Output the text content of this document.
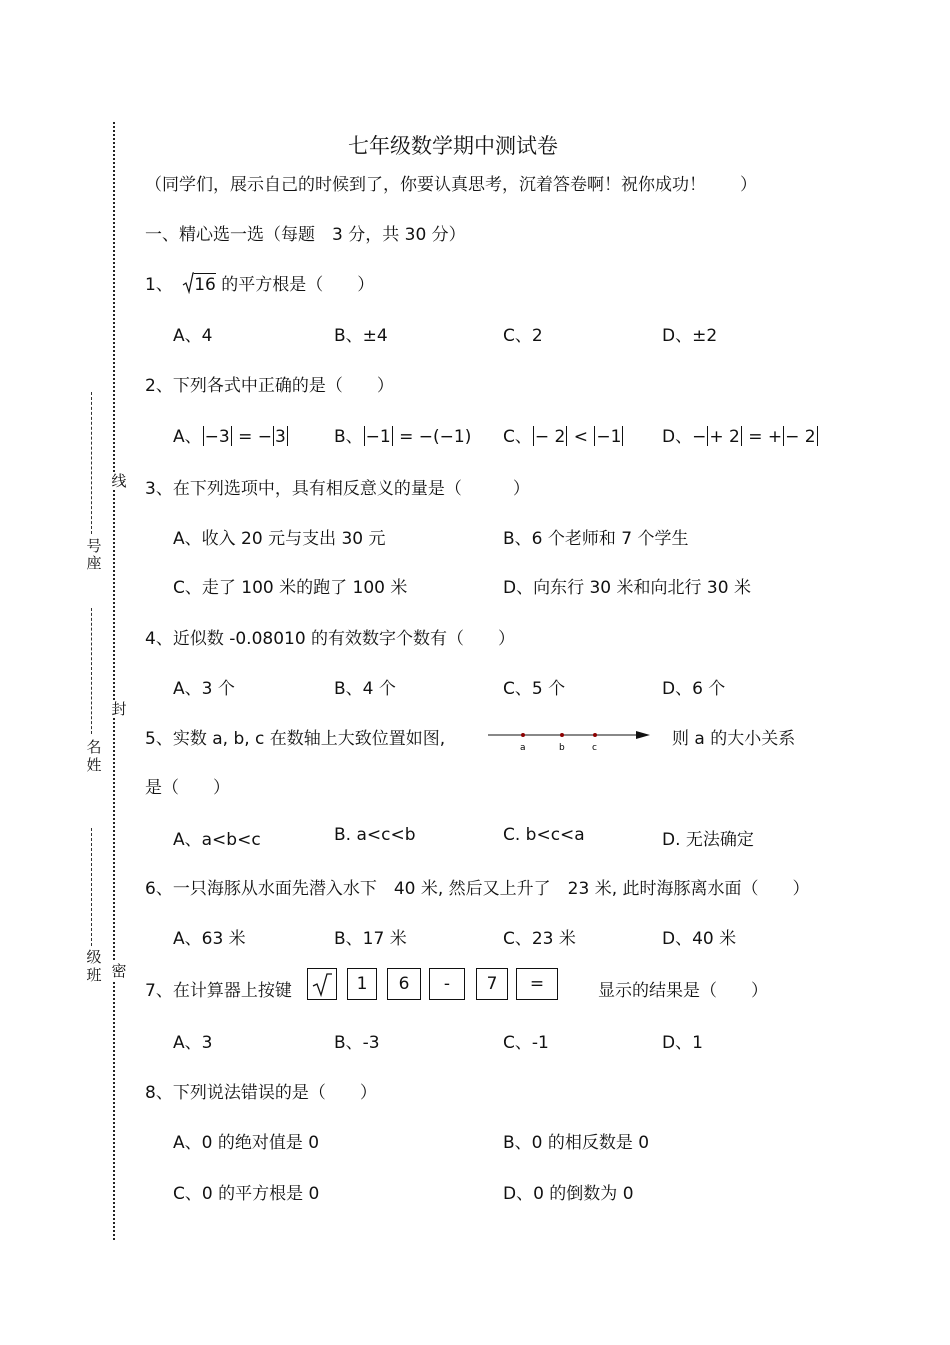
号
座
名
姓
级
班
线
封
密
七年级数学期中测试卷
（同学们，展示自己的时候到了，你要认真思考，沉着答卷啊！祝你成功！　　）
一、精心选一选（每题　3 分，共 30 分）
1、 16 的平方根是（　　）
A、4	B、±4	C、2	D、±2
2、下列各式中正确的是（　　）
A、 −3 = − 3	B、 −1 = −(−1) C、 − 2 < −1 D、− + 2 = + − 2
3、在下列选项中，具有相反意义的量是（　　　）
A、收入 20 元与支出 30 元	B、6 个老师和 7 个学生
C、走了 100 米的跑了 100 米	D、向东行 30 米和向北行 30 米
4、近似数 -0.08010 的有效数字个数有（　　）
A、3 个	B、4 个	C、5 个	D、6 个
5、实数 a, b, c 在数轴上大致位置如图,	a	b	c	则 a 的大小关系
是（　　）
A、a<b<c	B. a<c<b	C. b<c<a	D. 无法确定
6、一只海豚从水面先潜入水下　40 米, 然后又上升了　23 米, 此时海豚离水面（　　）
A、63 米	B、17 米	C、23 米	D、40 米
7、在计算器上按键	1	6	-	7	=	显示的结果是（　　）
A、3	B、-3	C、-1	D、1
8、下列说法错误的是（　　）
A、0 的绝对值是 0	B、0 的相反数是 0
C、0 的平方根是 0	D、0 的倒数为 0
